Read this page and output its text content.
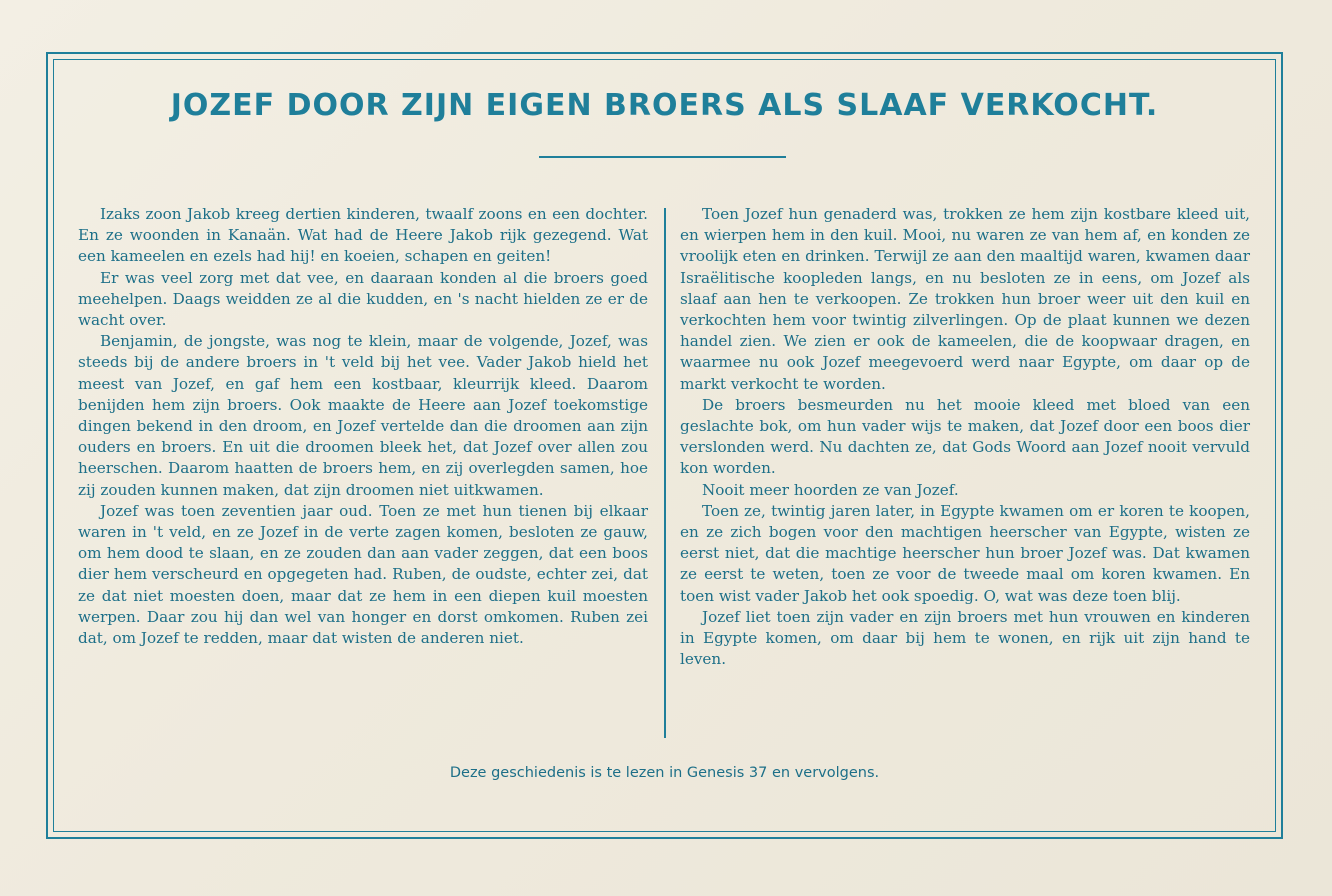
JOZEF DOOR ZIJN EIGEN BROERS ALS SLAAF VERKOCHT.

Izaks zoon Jakob kreeg dertien kinderen, twaalf zoons en een dochter. En ze woonden in Kanaän. Wat had de Heere Jakob rijk gezegend. Wat een kameelen en ezels had hij! en koeien, schapen en geiten!

Er was veel zorg met dat vee, en daaraan konden al die broers goed meehelpen. Daags weidden ze al die kudden, en 's nacht hielden ze er de wacht over.

Benjamin, de jongste, was nog te klein, maar de volgende, Jozef, was steeds bij de andere broers in 't veld bij het vee. Vader Jakob hield het meest van Jozef, en gaf hem een kostbaar, kleurrijk kleed. Daarom benijden hem zijn broers. Ook maakte de Heere aan Jozef toekomstige dingen bekend in den droom, en Jozef vertelde dan die droomen aan zijn ouders en broers. En uit die droomen bleek het, dat Jozef over allen zou heerschen. Daarom haatten de broers hem, en zij overlegden samen, hoe zij zouden kunnen maken, dat zijn droomen niet uitkwamen.

Jozef was toen zeventien jaar oud. Toen ze met hun tienen bij elkaar waren in 't veld, en ze Jozef in de verte zagen komen, besloten ze gauw, om hem dood te slaan, en ze zouden dan aan vader zeggen, dat een boos dier hem verscheurd en opgegeten had. Ruben, de oudste, echter zei, dat ze dat niet moesten doen, maar dat ze hem in een diepen kuil moesten werpen. Daar zou hij dan wel van honger en dorst omkomen. Ruben zei dat, om Jozef te redden, maar dat wisten de anderen niet.

Toen Jozef hun genaderd was, trokken ze hem zijn kostbare kleed uit, en wierpen hem in den kuil. Mooi, nu waren ze van hem af, en konden ze vroolijk eten en drinken. Terwijl ze aan den maaltijd waren, kwamen daar Israëlitische koopleden langs, en nu besloten ze in eens, om Jozef als slaaf aan hen te verkoopen. Ze trokken hun broer weer uit den kuil en verkochten hem voor twintig zilverlingen. Op de plaat kunnen we dezen handel zien. We zien er ook de kameelen, die de koopwaar dragen, en waarmee nu ook Jozef meegevoerd werd naar Egypte, om daar op de markt verkocht te worden.

De broers besmeurden nu het mooie kleed met bloed van een geslachte bok, om hun vader wijs te maken, dat Jozef door een boos dier verslonden werd. Nu dachten ze, dat Gods Woord aan Jozef nooit vervuld kon worden.

Nooit meer hoorden ze van Jozef.

Toen ze, twintig jaren later, in Egypte kwamen om er koren te koopen, en ze zich bogen voor den machtigen heerscher van Egypte, wisten ze eerst niet, dat die machtige heerscher hun broer Jozef was. Dat kwamen ze eerst te weten, toen ze voor de tweede maal om koren kwamen. En toen wist vader Jakob het ook spoedig. O, wat was deze toen blij.

Jozef liet toen zijn vader en zijn broers met hun vrouwen en kinderen in Egypte komen, om daar bij hem te wonen, en rijk uit zijn hand te leven.

Deze geschiedenis is te lezen in Genesis 37 en vervolgens.
